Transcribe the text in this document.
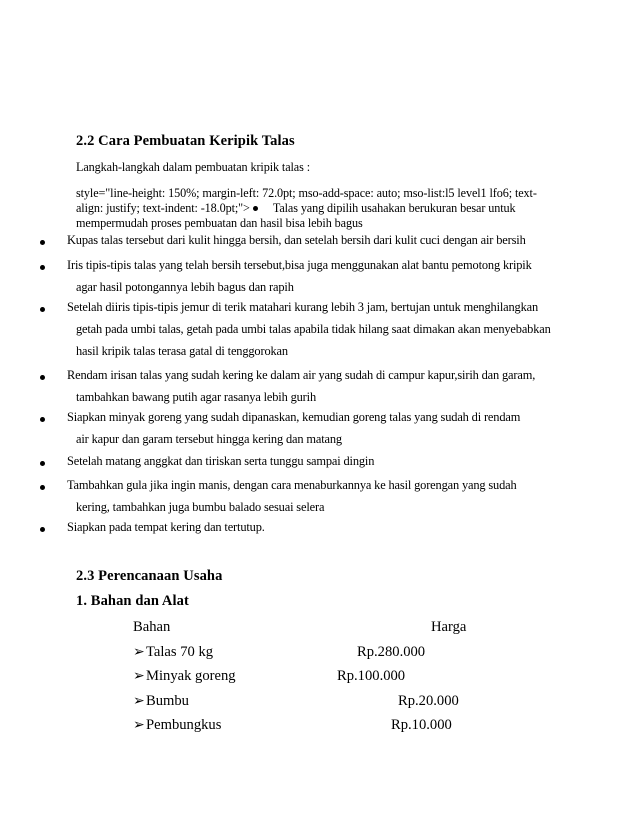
2.2 Cara Pembuatan Keripik Talas
Langkah-langkah dalam pembuatan kripik talas :
style="line-height: 150%; margin-left: 72.0pt; mso-add-space: auto; mso-list:l5 level1 lfo6; text-
align: justify; text-indent: -18.0pt;"> Talas yang dipilih usahakan berukuran besar untuk
mempermudah proses pembuatan dan hasil bisa lebih bagus
Kupas talas tersebut dari kulit hingga bersih, dan setelah bersih dari kulit cuci dengan air bersih
Iris tipis-tipis talas yang telah bersih tersebut,bisa juga menggunakan alat bantu pemotong kripik
agar hasil potongannya lebih bagus dan rapih
Setelah diiris tipis-tipis jemur di terik matahari kurang lebih 3 jam, bertujan untuk menghilangkan
getah pada umbi talas, getah pada umbi talas apabila tidak hilang saat dimakan akan menyebabkan
hasil kripik talas terasa gatal di tenggorokan
Rendam irisan talas yang sudah kering ke dalam air yang sudah di campur kapur,sirih dan garam,
tambahkan bawang putih agar rasanya lebih gurih
Siapkan minyak goreng yang sudah dipanaskan, kemudian goreng talas yang sudah di rendam
air kapur dan garam tersebut hingga kering dan matang
Setelah matang anggkat dan tiriskan serta tunggu sampai dingin
Tambahkan gula jika ingin manis, dengan cara menaburkannya ke hasil gorengan yang sudah
kering, tambahkan juga bumbu balado sesuai selera
Siapkan pada tempat kering dan tertutup.
2.3 Perencanaan Usaha
1. Bahan dan Alat
Bahan	Harga
➢Talas 70 kg	Rp.280.000
➢Minyak goreng	Rp.100.000
➢Bumbu	Rp.20.000
➢Pembungkus	Rp.10.000
